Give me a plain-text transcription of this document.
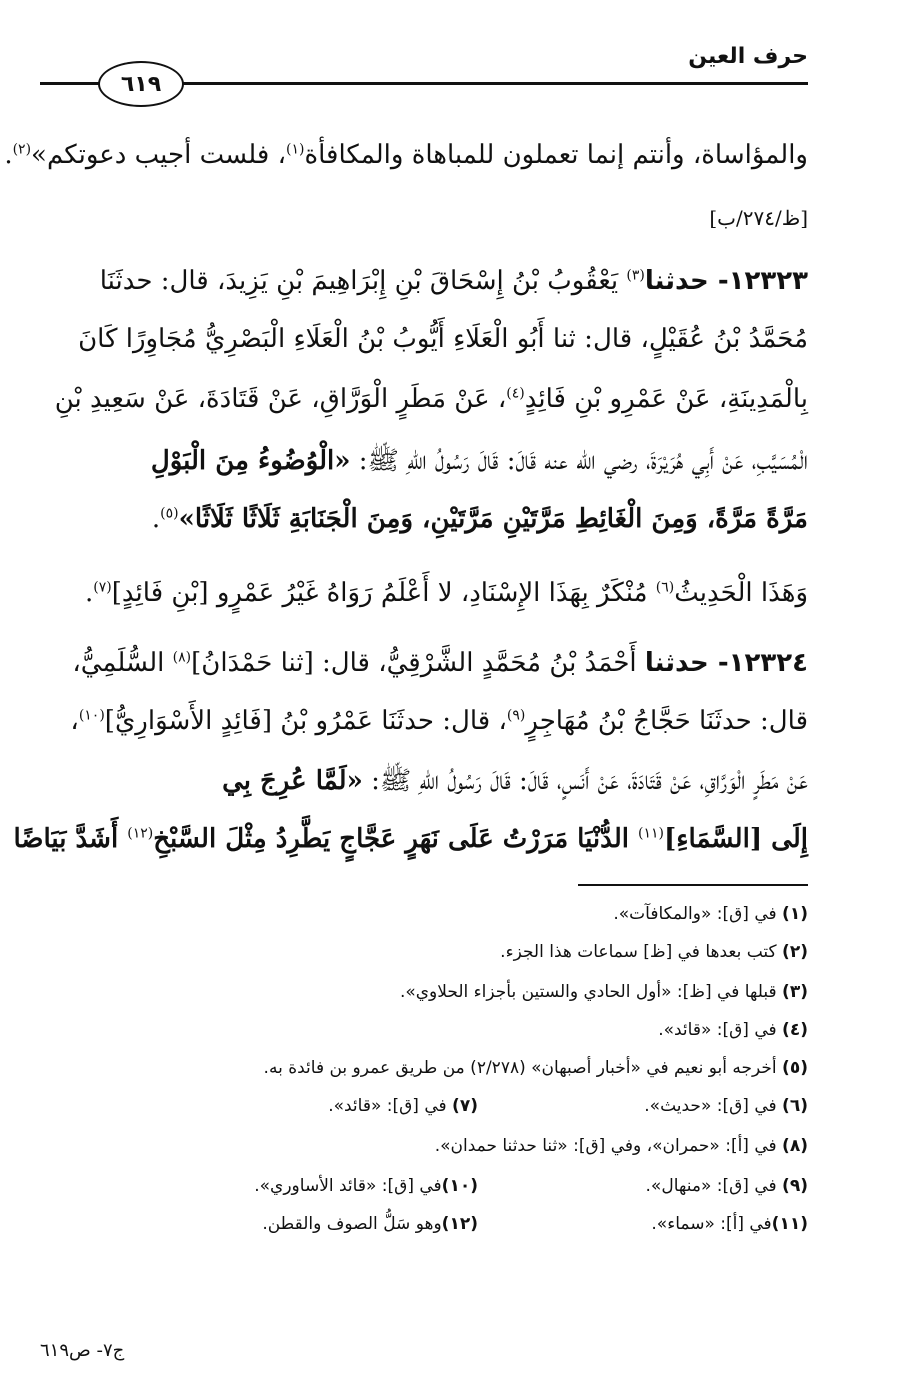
حرف العين
٦١٩
والمؤاساة، وأنتم إنما تعملون للمباهاة والمكافأة$^{(١)}$، فلست أجيب دعوتكم»$^{(٢)}$.
[ظ/٢٧٤/ب]
١٢٣٢٣- حدثنا$^{(٣)}$ يَعْقُوبُ بْنُ إِسْحَاقَ بْنِ إِبْرَاهِيمَ بْنِ يَزِيدَ، قال: حدثَنَا
مُحَمَّدُ بْنُ عُقَيْلٍ، قال: ثنا أَبُو الْعَلَاءِ أَيُّوبُ بْنُ الْعَلَاءِ الْبَصْرِيُّ مُجَاوِرًا كَانَ
بِالْمَدِينَةِ، عَنْ عَمْرِو بْنِ فَائِدٍ$^{(٤)}$، عَنْ مَطَرٍ الْوَرَّاقِ، عَنْ قَتَادَةَ، عَنْ سَعِيدِ بْنِ
الْمُسَيَّبِ، عَنْ أَبِي هُرَيْرَةَ، رضي الله عنه قَالَ: قَالَ رَسُولُ اللهِ ﷺ: «الْوُضُوءُ مِنَ الْبَوْلِ
مَرَّةً مَرَّةً، وَمِنَ الْغَائِطِ مَرَّتَيْنِ مَرَّتَيْنِ، وَمِنَ الْجَنَابَةِ ثَلَاثًا ثَلَاثًا»$^{(٥)}$.
وَهَذَا الْحَدِيثُ$^{(٦)}$ مُنْكَرٌ بِهَذَا الإِسْنَادِ، لا أَعْلَمُ رَوَاهُ غَيْرُ عَمْرٍو [بْنِ فَائِدٍ]$^{(٧)}$.
١٢٣٢٤- حدثنا أَحْمَدُ بْنُ مُحَمَّدٍ الشَّرْقِيُّ، قال: [ثنا حَمْدَانُ]$^{(٨)}$ السُّلَمِيُّ،
قال: حدثَنَا حَجَّاجُ بْنُ مُهَاجِرٍ$^{(٩)}$، قال: حدثَنَا عَمْرُو بْنُ [فَائِدٍ الأَسْوَارِيُّ]$^{(١٠)}$،
عَنْ مَطَرٍ الْوَرَّاقِ، عَنْ قَتَادَةَ، عَنْ أَنَسٍ، قَالَ: قَالَ رَسُولُ اللهِ ﷺ: «لَمَّا عُرِجَ بِي
إِلَى [السَّمَاءِ]$^{(١١)}$ الدُّنْيَا مَرَرْتُ عَلَى نَهَرٍ عَجَّاجٍ يَطَّرِدُ مِثْلَ السَّبْخِ$^{(١٢)}$ أَشَدَّ بَيَاضًا
(١) في [ق]: «والمكافآت».
(٢) كتب بعدها في [ظ] سماعات هذا الجزء.
(٣) قبلها في [ظ]: «أول الحادي والستين بأجزاء الحلاوي».
(٤) في [ق]: «قائد».
(٥) أخرجه أبو نعيم في «أخبار أصبهان» (٢/٢٧٨) من طريق عمرو بن فائدة به.
(٦) في [ق]: «حديث».
(٧) في [ق]: «قائد».
(٨) في [أ]: «حمران»، وفي [ق]: «ثنا حدثنا حمدان».
(٩) في [ق]: «منهال».
(١٠)في [ق]: «قائد الأساوري».
(١١)في [أ]: «سماء».
(١٢)وهو سَلُّ الصوف والقطن.
ج٧- ص٦١٩
